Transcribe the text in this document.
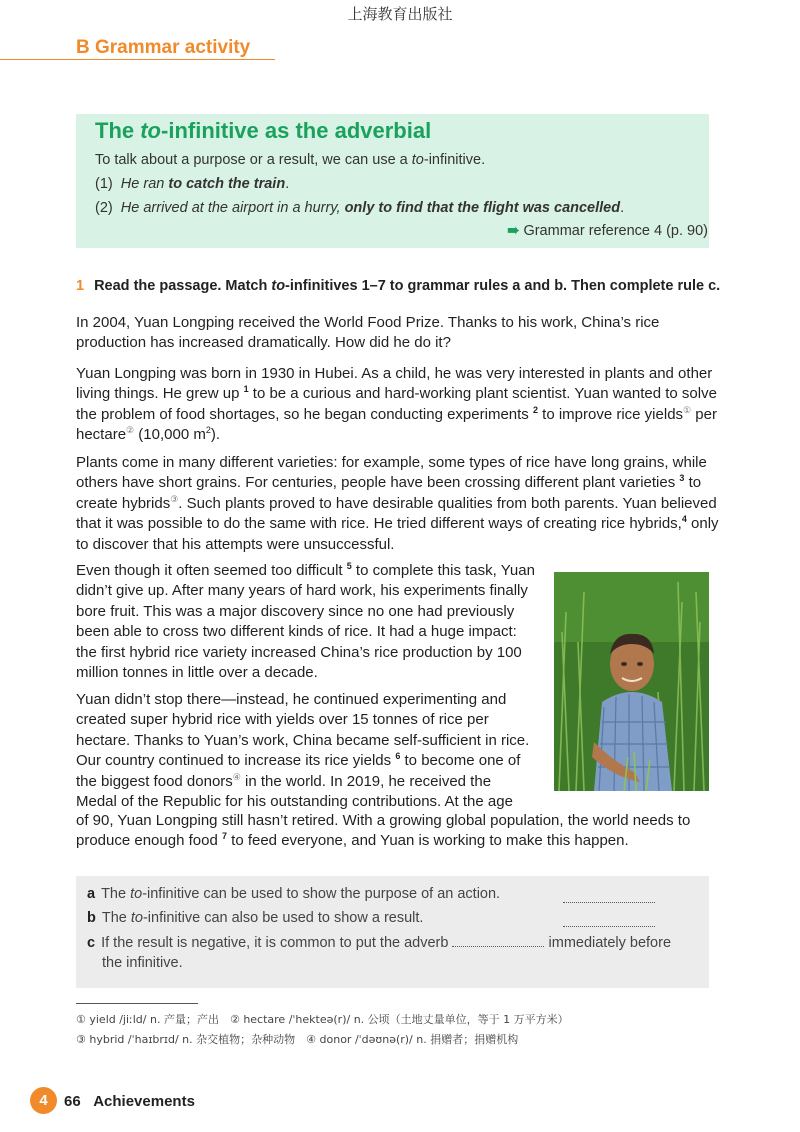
上海教育出版社
B Grammar activity
The to-infinitive as the adverbial
To talk about a purpose or a result, we can use a to-infinitive.
(1) He ran to catch the train.
(2) He arrived at the airport in a hurry, only to find that the flight was cancelled.
➠ Grammar reference 4 (p. 90)
1 Read the passage. Match to-infinitives 1–7 to grammar rules a and b. Then complete rule c.
In 2004, Yuan Longping received the World Food Prize. Thanks to his work, China’s rice production has increased dramatically. How did he do it?
Yuan Longping was born in 1930 in Hubei. As a child, he was very interested in plants and other living things. He grew up $^1$ to be a curious and hard-working plant scientist. Yuan wanted to solve the problem of food shortages, so he began conducting experiments $^2$ to improve rice yields① per hectare② (10,000 $m^2$).
Plants come in many different varieties: for example, some types of rice have long grains, while others have short grains. For centuries, people have been crossing different plant varieties $^3$ to create hybrids③. Such plants proved to have desirable qualities from both parents. Yuan believed that it was possible to do the same with rice. He tried different ways of creating rice hybrids,$^4$ only to discover that his attempts were unsuccessful.
Even though it often seemed too difficult $^5$ to complete this task, Yuan didn’t give up. After many years of hard work, his experiments finally bore fruit. This was a major discovery since no one had previously been able to cross two different kinds of rice. It had a huge impact: the first hybrid rice variety increased China’s rice production by 100 million tonnes in little over a decade.
Yuan didn’t stop there—instead, he continued experimenting and created super hybrid rice with yields over 15 tonnes of rice per hectare. Thanks to Yuan’s work, China became self-sufficient in rice. Our country continued to increase its rice yields $^6$ to become one of the biggest food donors④ in the world. In 2019, he received the Medal of the Republic for his outstanding contributions. At the age
of 90, Yuan Longping still hasn’t retired. With a growing global population, the world needs to produce enough food $^7$ to feed everyone, and Yuan is working to make this happen.
a The to-infinitive can be used to show the purpose of an action.
b The to-infinitive can also be used to show a result.
c If the result is negative, it is common to put the adverb	immediately before
the infinitive.
① yield /jiːld/ n. 产量；产出　② hectare /ˈhekteə(r)/ n. 公顷（土地丈量单位，等于 1 万平方米）
③ hybrid /ˈhaɪbrɪd/ n. 杂交植物；杂种动物　④ donor /ˈdəʊnə(r)/ n. 捐赠者；捐赠机构
4	66 Achievements
